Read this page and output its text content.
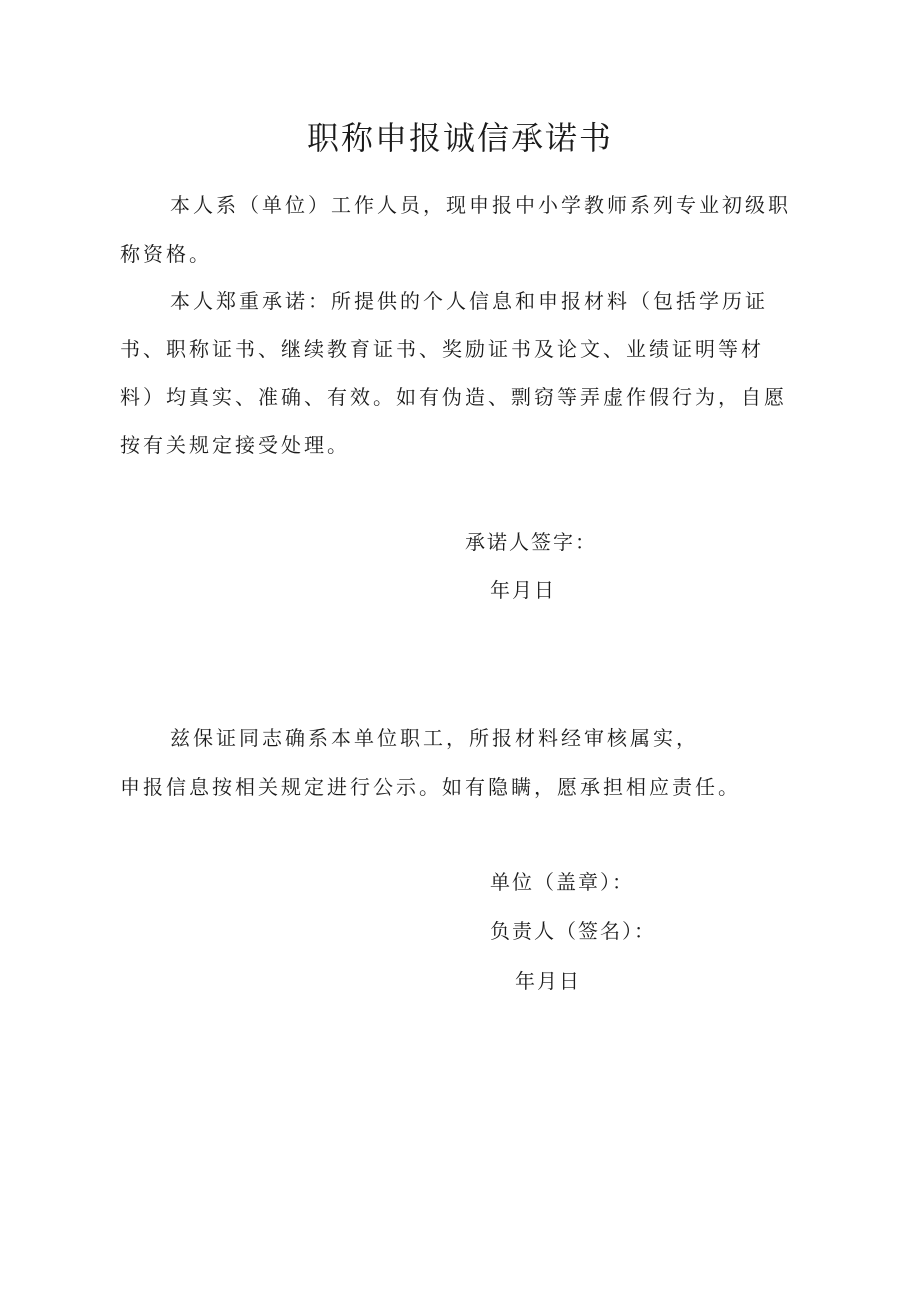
职称申报诚信承诺书
本人系（单位）工作人员，现申报中小学教师系列专业初级职
称资格。
本人郑重承诺：所提供的个人信息和申报材料（包括学历证
书、职称证书、继续教育证书、奖励证书及论文、业绩证明等材
料）均真实、准确、有效。如有伪造、剽窃等弄虚作假行为，自愿
按有关规定接受处理。
承诺人签字：
年月日
兹保证同志确系本单位职工，所报材料经审核属实，
申报信息按相关规定进行公示。如有隐瞒，愿承担相应责任。
单位（盖章）：
负责人（签名）：
年月日
